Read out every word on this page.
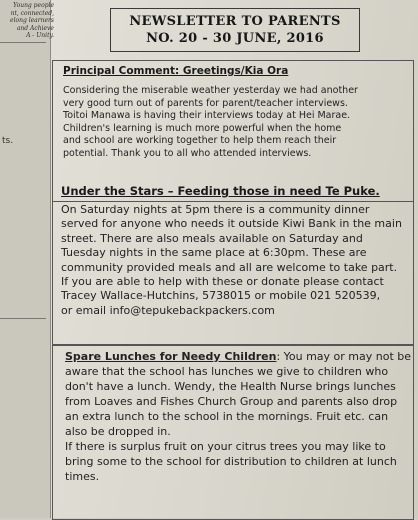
Young people
nt, connected,
elong learners
and Achieve
A - Unity.
ts.
NEWSLETTER TO PARENTS
NO. 20 - 30 JUNE, 2016
Principal Comment: Greetings/Kia Ora
Considering the miserable weather yesterday we had another
very good turn out of parents for parent/teacher interviews.
Toitoi Manawa is having their interviews today at Hei Marae.
Children's learning is much more powerful when the home
and school are working together to help them reach their
potential. Thank you to all who attended interviews.
Under the Stars – Feeding those in need Te Puke.
On Saturday nights at 5pm there is a community dinner
served for anyone who needs it outside Kiwi Bank in the main
street. There are also meals available on Saturday and
Tuesday nights in the same place at 6:30pm. These are
community provided meals and all are welcome to take part.
If you are able to help with these or donate please contact
Tracey Wallace-Hutchins, 5738015 or mobile 021 520539,
or email info@tepukebackpackers.com
Spare Lunches for Needy Children: You may or may not be
aware that the school has lunches we give to children who
don't have a lunch. Wendy, the Health Nurse brings lunches
from Loaves and Fishes Church Group and parents also drop
an extra lunch to the school in the mornings. Fruit etc. can
also be dropped in.
If there is surplus fruit on your citrus trees you may like to
bring some to the school for distribution to children at lunch
times.
